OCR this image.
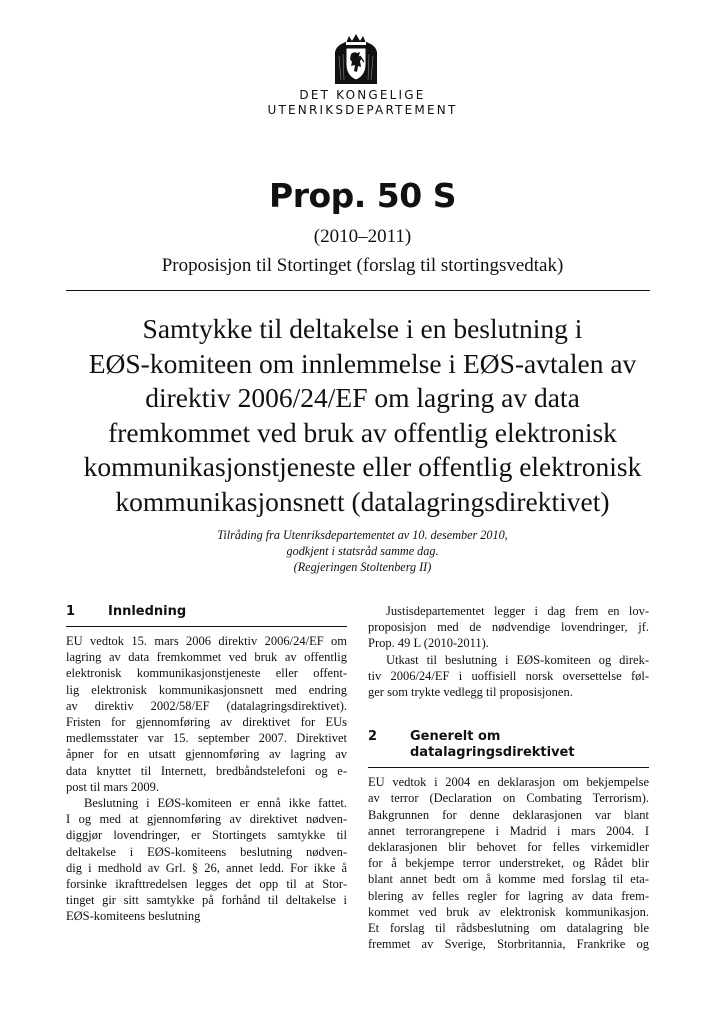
DET KONGELIGE
UTENRIKSDEPARTEMENT
Prop. 50 S
(2010–2011)
Proposisjon til Stortinget (forslag til stortingsvedtak)
Samtykke til deltakelse i en beslutning i
EØS-komiteen om innlemmelse i EØS-avtalen av
direktiv 2006/24/EF om lagring av data
fremkommet ved bruk av offentlig elektronisk
kommunikasjonstjeneste eller offentlig elektronisk
kommunikasjonsnett (datalagringsdirektivet)
Tilråding fra Utenriksdepartementet av 10. desember 2010,
godkjent i statsråd samme dag.
(Regjeringen Stoltenberg II)
1	Innledning

EU vedtok 15. mars 2006 direktiv 2006/24/EF om
lagring av data fremkommet ved bruk av offentlig
elektronisk kommunikasjonstjeneste eller offent-
lig elektronisk kommunikasjonsnett med endring
av direktiv 2002/58/EF (datalagringsdirektivet).
Fristen for gjennomføring av direktivet for EUs
medlemsstater var 15. september 2007. Direktivet
åpner for en utsatt gjennomføring av lagring av
data knyttet til Internett, bredbåndstelefoni og e-
post til mars 2009.

Beslutning i EØS-komiteen er ennå ikke fattet.
I og med at gjennomføring av direktivet nødven-
diggjør lovendringer, er Stortingets samtykke til
deltakelse i EØS-komiteens beslutning nødven-
dig i medhold av Grl. § 26, annet ledd. For ikke å
forsinke ikrafttredelsen legges det opp til at Stor-
tinget gir sitt samtykke på forhånd til deltakelse i
EØS-komiteens beslutning

Justisdepartementet legger i dag frem en lov-
proposisjon med de nødvendige lovendringer, jf.
Prop. 49 L (2010-2011).

Utkast til beslutning i EØS-komiteen og direk-
tiv 2006/24/EF i uoffisiell norsk oversettelse føl-
ger som trykte vedlegg til proposisjonen.

2	Generelt om
datalagringsdirektivet

EU vedtok i 2004 en deklarasjon om bekjempelse
av terror (Declaration on Combating Terrorism).
Bakgrunnen for denne deklarasjonen var blant
annet terrorangrepene i Madrid i mars 2004. I
deklarasjonen blir behovet for felles virkemidler
for å bekjempe terror understreket, og Rådet blir
blant annet bedt om å komme med forslag til eta-
blering av felles regler for lagring av data frem-
kommet ved bruk av elektronisk kommunikasjon.
Et forslag til rådsbeslutning om datalagring ble
fremmet av Sverige, Storbritannia, Frankrike og
